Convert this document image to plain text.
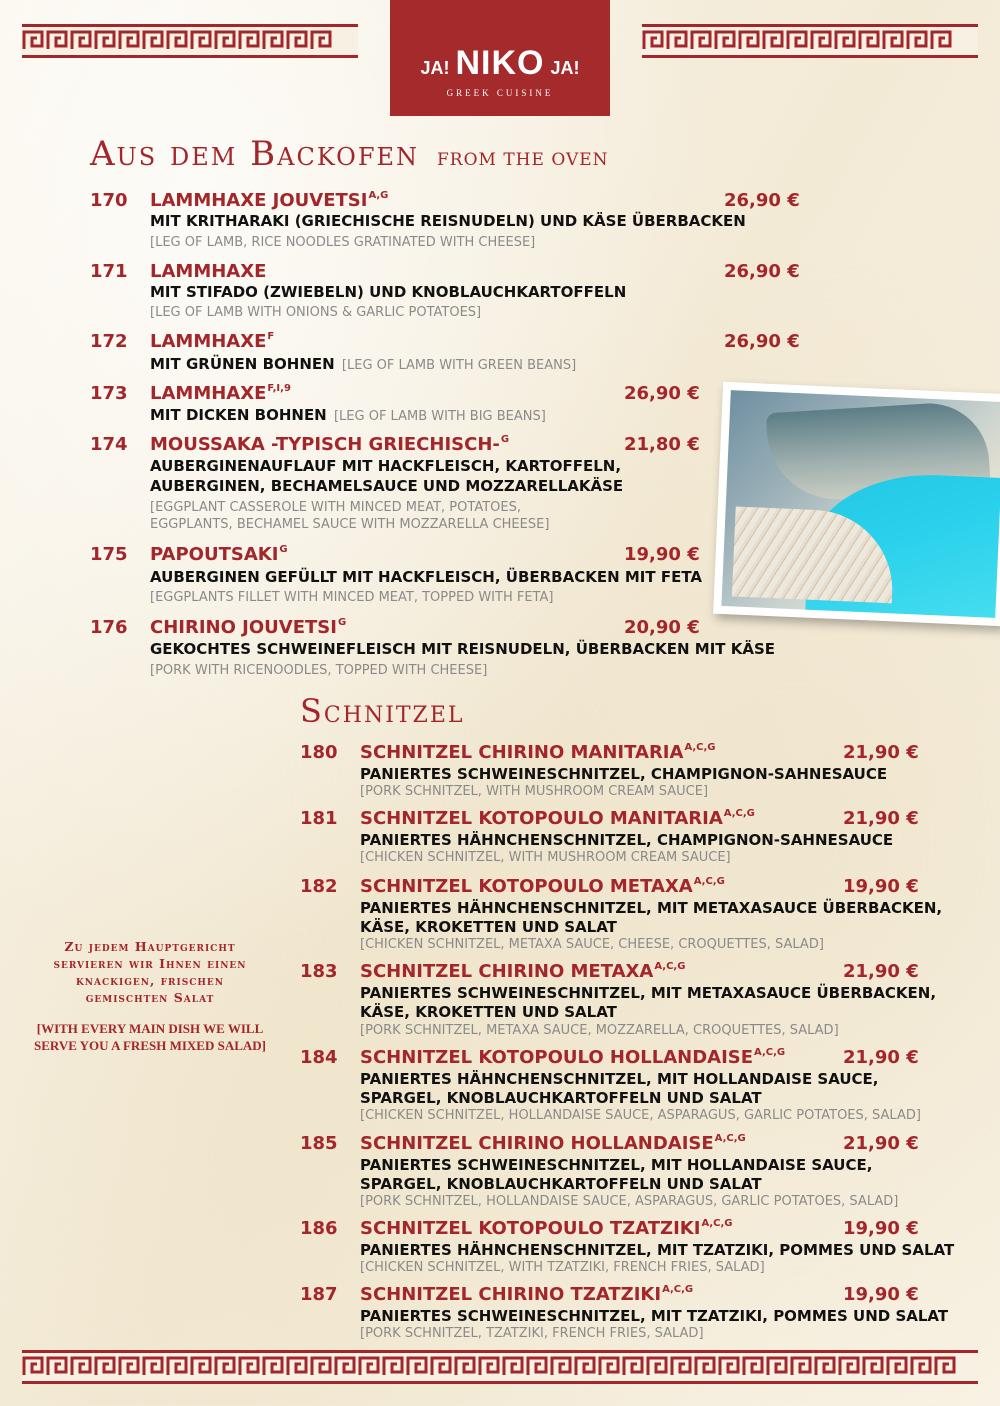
JA! NIKO JA!
GREEK CUISINE
Aus dem Backofen FROM THE OVEN
170 LAMMHAXE $JOUVETSI^{A,G}$	26,90 €
MIT KRITHARAKI (GRIECHISCHE REISNUDELN) UND KÄSE ÜBERBACKEN
[LEG OF LAMB, RICE NOODLES GRATINATED WITH CHEESE]
171 LAMMHAXE	26,90 €
MIT STIFADO (ZWIEBELN) UND KNOBLAUCHKARTOFFELN
[LEG OF LAMB WITH ONIONS & GARLIC POTATOES]
172 $LAMMHAXE^F$	26,90 €
MIT GRÜNEN BOHNEN [LEG OF LAMB WITH GREEN BEANS]
173 $LAMMHAXE^{F,I,9}$	26,90 €
MIT DICKEN BOHNEN [LEG OF LAMB WITH BIG BEANS]
174 MOUSSAKA -TYPISCH GRIECHISCH-$^G$	21,80 €
AUBERGINENAUFLAUF MIT HACKFLEISCH, KARTOFFELN,
AUBERGINEN, BECHAMELSAUCE UND MOZZARELLAKÄSE
[EGGPLANT CASSEROLE WITH MINCED MEAT, POTATOES,
EGGPLANTS, BECHAMEL SAUCE WITH MOZZARELLA CHEESE]
175 $PAPOUTSAKI^G$	19,90 €
AUBERGINEN GEFÜLLT MIT HACKFLEISCH, ÜBERBACKEN MIT FETA
[EGGPLANTS FILLET WITH MINCED MEAT, TOPPED WITH FETA]
176 CHIRINO $JOUVETSI^G$	20,90 €
GEKOCHTES SCHWEINEFLEISCH MIT REISNUDELN, ÜBERBACKEN MIT KÄSE
[PORK WITH RICENOODLES, TOPPED WITH CHEESE]
Schnitzel
180 SCHNITZEL CHIRINO $MANITARIA^{A,C,G}$	21,90 €
PANIERTES SCHWEINESCHNITZEL, CHAMPIGNON-SAHNESAUCE
[PORK SCHNITZEL, WITH MUSHROOM CREAM SAUCE]
181 SCHNITZEL KOTOPOULO $MANITARIA^{A,C,G}$	21,90 €
PANIERTES HÄHNCHENSCHNITZEL, CHAMPIGNON-SAHNESAUCE
[CHICKEN SCHNITZEL, WITH MUSHROOM CREAM SAUCE]
182 SCHNITZEL KOTOPOULO $METAXA^{A,C,G}$	19,90 €
PANIERTES HÄHNCHENSCHNITZEL, MIT METAXASAUCE ÜBERBACKEN,
KÄSE, KROKETTEN UND SALAT
[CHICKEN SCHNITZEL, METAXA SAUCE, CHEESE, CROQUETTES, SALAD]
183 SCHNITZEL CHIRINO $METAXA^{A,C,G}$	21,90 €
PANIERTES SCHWEINESCHNITZEL, MIT METAXASAUCE ÜBERBACKEN,
KÄSE, KROKETTEN UND SALAT
[PORK SCHNITZEL, METAXA SAUCE, MOZZARELLA, CROQUETTES, SALAD]
184 SCHNITZEL KOTOPOULO $HOLLANDAISE^{A,C,G}$	21,90 €
PANIERTES HÄHNCHENSCHNITZEL, MIT HOLLANDAISE SAUCE,
SPARGEL, KNOBLAUCHKARTOFFELN UND SALAT
[CHICKEN SCHNITZEL, HOLLANDAISE SAUCE, ASPARAGUS, GARLIC POTATOES, SALAD]
185 SCHNITZEL CHIRINO $HOLLANDAISE^{A,C,G}$	21,90 €
PANIERTES SCHWEINESCHNITZEL, MIT HOLLANDAISE SAUCE,
SPARGEL, KNOBLAUCHKARTOFFELN UND SALAT
[PORK SCHNITZEL, HOLLANDAISE SAUCE, ASPARAGUS, GARLIC POTATOES, SALAD]
186 SCHNITZEL KOTOPOULO $TZATZIKI^{A,C,G}$	19,90 €
PANIERTES HÄHNCHENSCHNITZEL, MIT TZATZIKI, POMMES UND SALAT
[CHICKEN SCHNITZEL, WITH TZATZIKI, FRENCH FRIES, SALAD]
187 SCHNITZEL CHIRINO $TZATZIKI^{A,C,G}$	19,90 €
PANIERTES SCHWEINESCHNITZEL, MIT TZATZIKI, POMMES UND SALAT
[PORK SCHNITZEL, TZATZIKI, FRENCH FRIES, SALAD]
Zu jedem Hauptgericht
servieren wir Ihnen einen
knackigen, frischen
gemischten Salat
[WITH EVERY MAIN DISH WE WILL
SERVE YOU A FRESH MIXED SALAD]
